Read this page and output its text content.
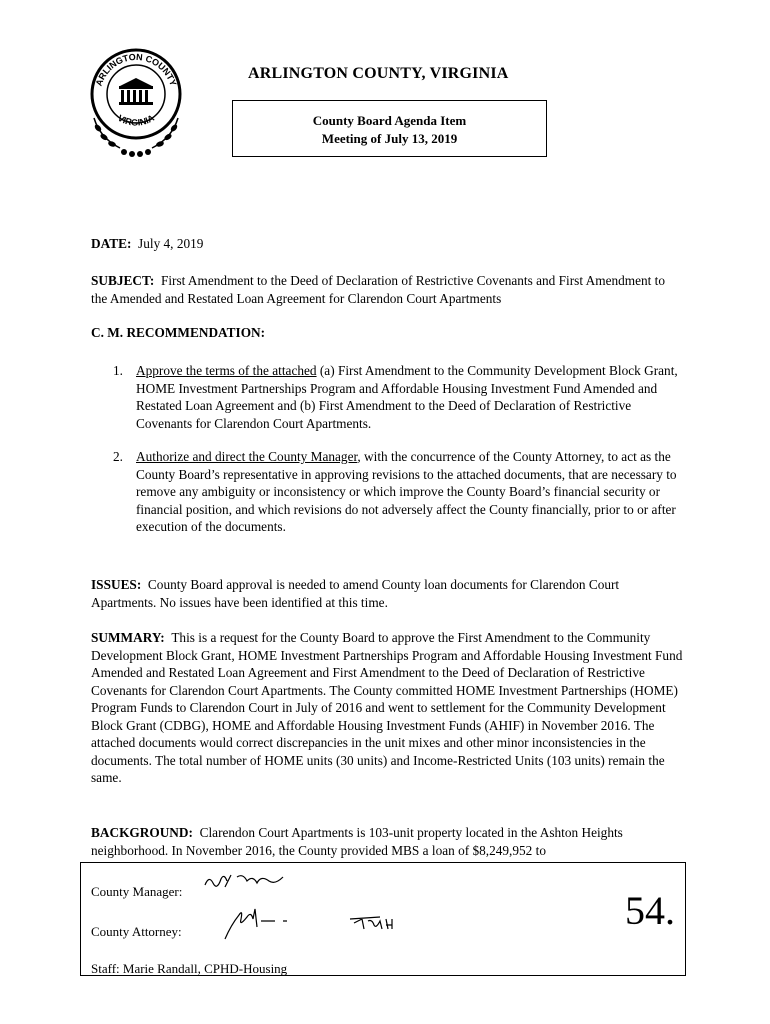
ARLINGTON COUNTY
VIRGINIA
ARLINGTON COUNTY, VIRGINIA
County Board Agenda Item
Meeting of July 13, 2019
DATE: July 4, 2019
SUBJECT: First Amendment to the Deed of Declaration of Restrictive Covenants and First Amendment to the Amended and Restated Loan Agreement for Clarendon Court Apartments
C. M. RECOMMENDATION:
1. Approve the terms of the attached (a) First Amendment to the Community Development Block Grant, HOME Investment Partnerships Program and Affordable Housing Investment Fund Amended and Restated Loan Agreement and (b) First Amendment to the Deed of Declaration of Restrictive Covenants for Clarendon Court Apartments.
2. Authorize and direct the County Manager, with the concurrence of the County Attorney, to act as the County Board’s representative in approving revisions to the attached documents, that are necessary to remove any ambiguity or inconsistency or which improve the County Board’s financial security or financial position, and which revisions do not adversely affect the County financially, prior to or after execution of the documents.
ISSUES: County Board approval is needed to amend County loan documents for Clarendon Court Apartments. No issues have been identified at this time.
SUMMARY: This is a request for the County Board to approve the First Amendment to the Community Development Block Grant, HOME Investment Partnerships Program and Affordable Housing Investment Fund Amended and Restated Loan Agreement and First Amendment to the Deed of Declaration of Restrictive Covenants for Clarendon Court Apartments. The County committed HOME Investment Partnerships (HOME) Program Funds to Clarendon Court in July of 2016 and went to settlement for the Community Development Block Grant (CDBG), HOME and Affordable Housing Investment Funds (AHIF) in November 2016. The attached documents would correct discrepancies in the unit mixes and other minor inconsistencies in the documents. The total number of HOME units (30 units) and Income-Restricted Units (103 units) remain the same.
BACKGROUND: Clarendon Court Apartments is 103-unit property located in the Ashton Heights neighborhood. In November 2016, the County provided MBS a loan of $8,249,952 to
County Manager:
County Attorney:
Staff: Marie Randall, CPHD-Housing
54.
